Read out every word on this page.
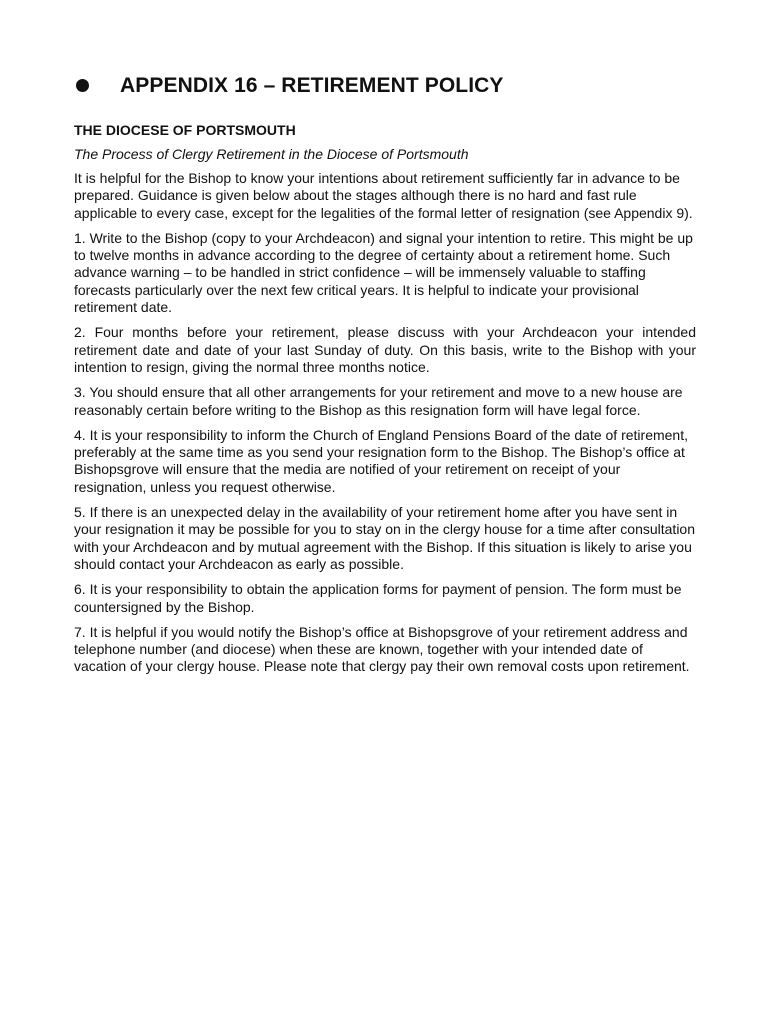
APPENDIX 16 – RETIREMENT POLICY

THE DIOCESE OF PORTSMOUTH

The Process of Clergy Retirement in the Diocese of Portsmouth

It is helpful for the Bishop to know your intentions about retirement sufficiently far in advance to be prepared. Guidance is given below about the stages although there is no hard and fast rule applicable to every case, except for the legalities of the formal letter of resignation (see Appendix 9).

1. Write to the Bishop (copy to your Archdeacon) and signal your intention to retire. This might be up to twelve months in advance according to the degree of certainty about a retirement home. Such advance warning – to be handled in strict confidence – will be immensely valuable to staffing forecasts particularly over the next few critical years. It is helpful to indicate your provisional retirement date.

2. Four months before your retirement, please discuss with your Archdeacon your intended retirement date and date of your last Sunday of duty. On this basis, write to the Bishop with your intention to resign, giving the normal three months notice.

3. You should ensure that all other arrangements for your retirement and move to a new house are reasonably certain before writing to the Bishop as this resignation form will have legal force.

4. It is your responsibility to inform the Church of England Pensions Board of the date of retirement, preferably at the same time as you send your resignation form to the Bishop. The Bishop’s office at Bishopsgrove will ensure that the media are notified of your retirement on receipt of your resignation, unless you request otherwise.

5. If there is an unexpected delay in the availability of your retirement home after you have sent in your resignation it may be possible for you to stay on in the clergy house for a time after consultation with your Archdeacon and by mutual agreement with the Bishop. If this situation is likely to arise you should contact your Archdeacon as early as possible.

6. It is your responsibility to obtain the application forms for payment of pension. The form must be countersigned by the Bishop.

7. It is helpful if you would notify the Bishop’s office at Bishopsgrove of your retirement address and telephone number (and diocese) when these are known, together with your intended date of vacation of your clergy house. Please note that clergy pay their own removal costs upon retirement.
